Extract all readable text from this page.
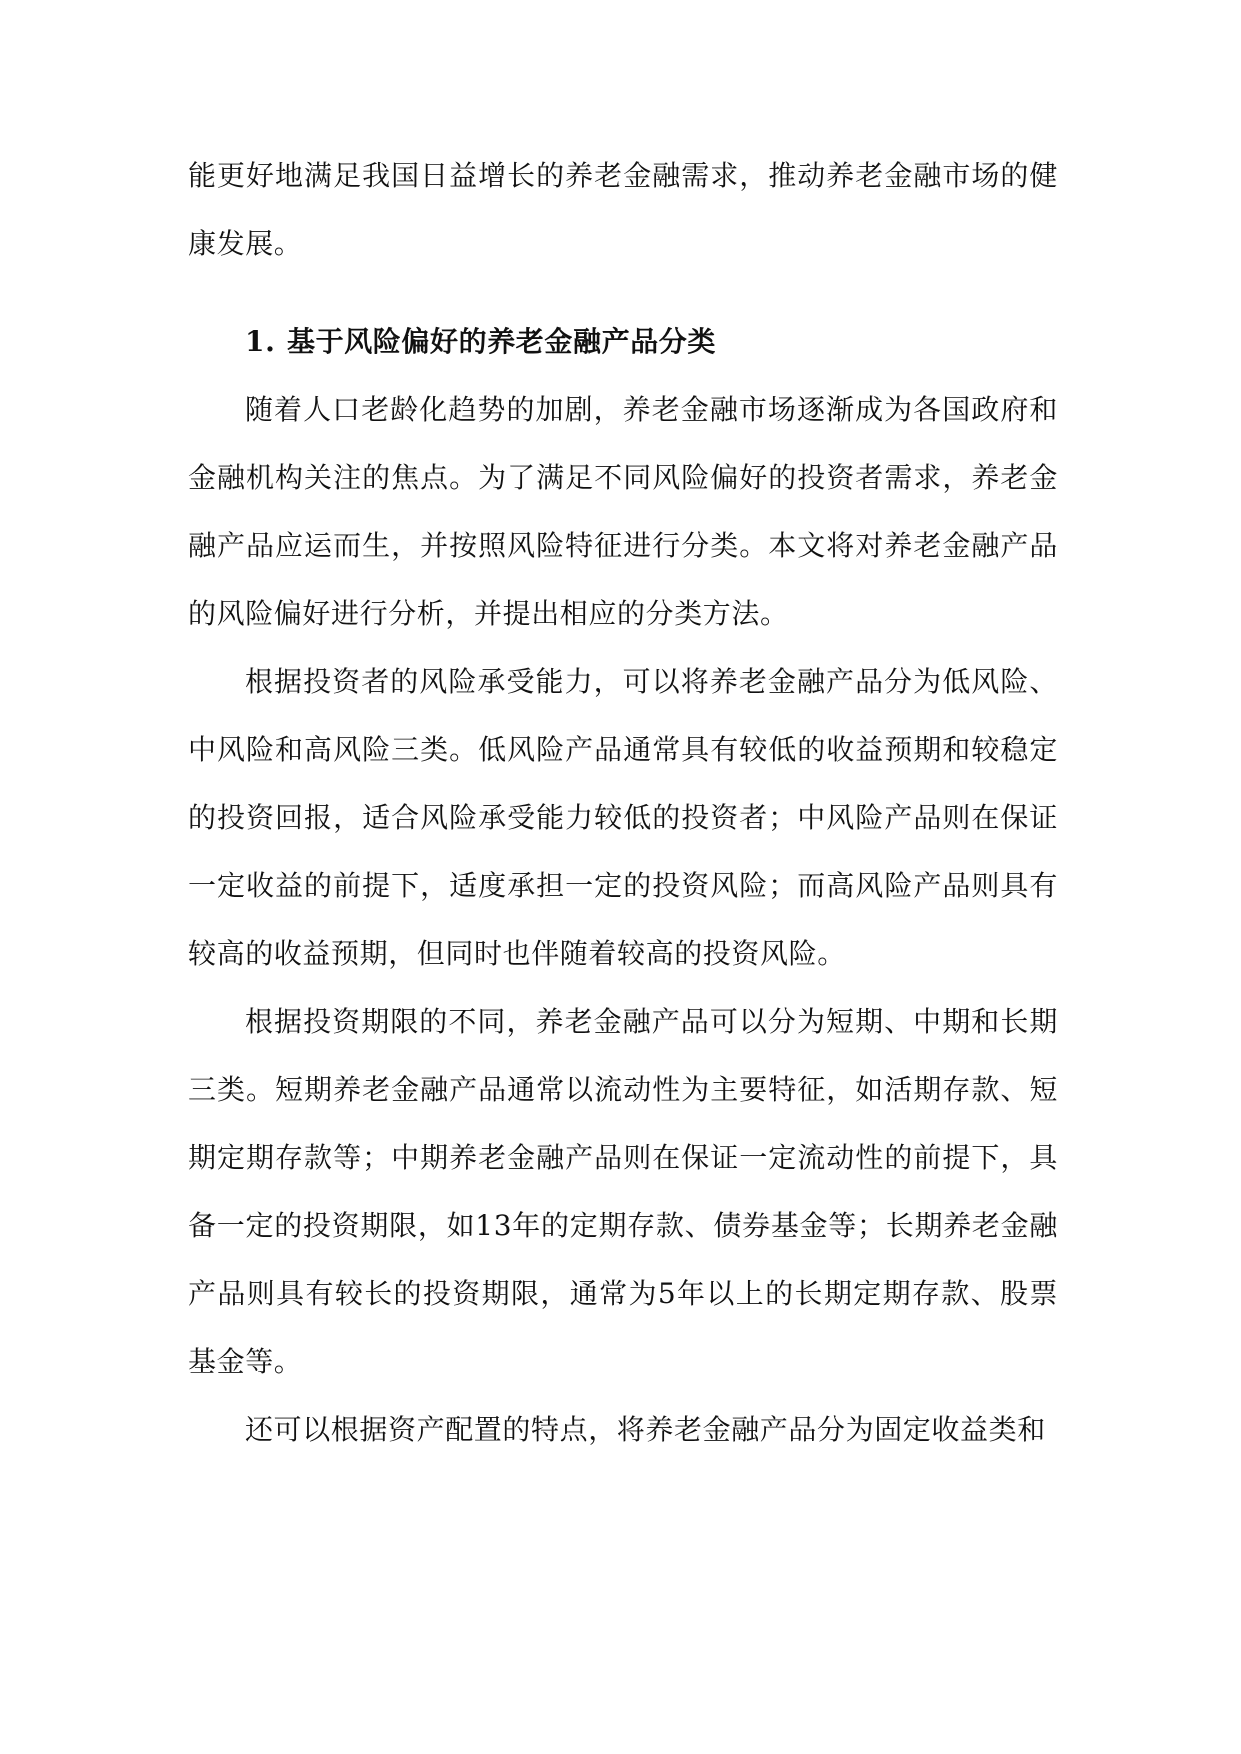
能更好地满足我国日益增长的养老金融需求，推动养老金融市场的健康发展。

1. 基于风险偏好的养老金融产品分类

随着人口老龄化趋势的加剧，养老金融市场逐渐成为各国政府和金融机构关注的焦点。为了满足不同风险偏好的投资者需求，养老金融产品应运而生，并按照风险特征进行分类。本文将对养老金融产品的风险偏好进行分析，并提出相应的分类方法。

根据投资者的风险承受能力，可以将养老金融产品分为低风险、中风险和高风险三类。低风险产品通常具有较低的收益预期和较稳定的投资回报，适合风险承受能力较低的投资者；中风险产品则在保证一定收益的前提下，适度承担一定的投资风险；而高风险产品则具有较高的收益预期，但同时也伴随着较高的投资风险。

根据投资期限的不同，养老金融产品可以分为短期、中期和长期三类。短期养老金融产品通常以流动性为主要特征，如活期存款、短期定期存款等；中期养老金融产品则在保证一定流动性的前提下，具备一定的投资期限，如13年的定期存款、债券基金等；长期养老金融产品则具有较长的投资期限，通常为5年以上的长期定期存款、股票基金等。

还可以根据资产配置的特点，将养老金融产品分为固定收益类和
